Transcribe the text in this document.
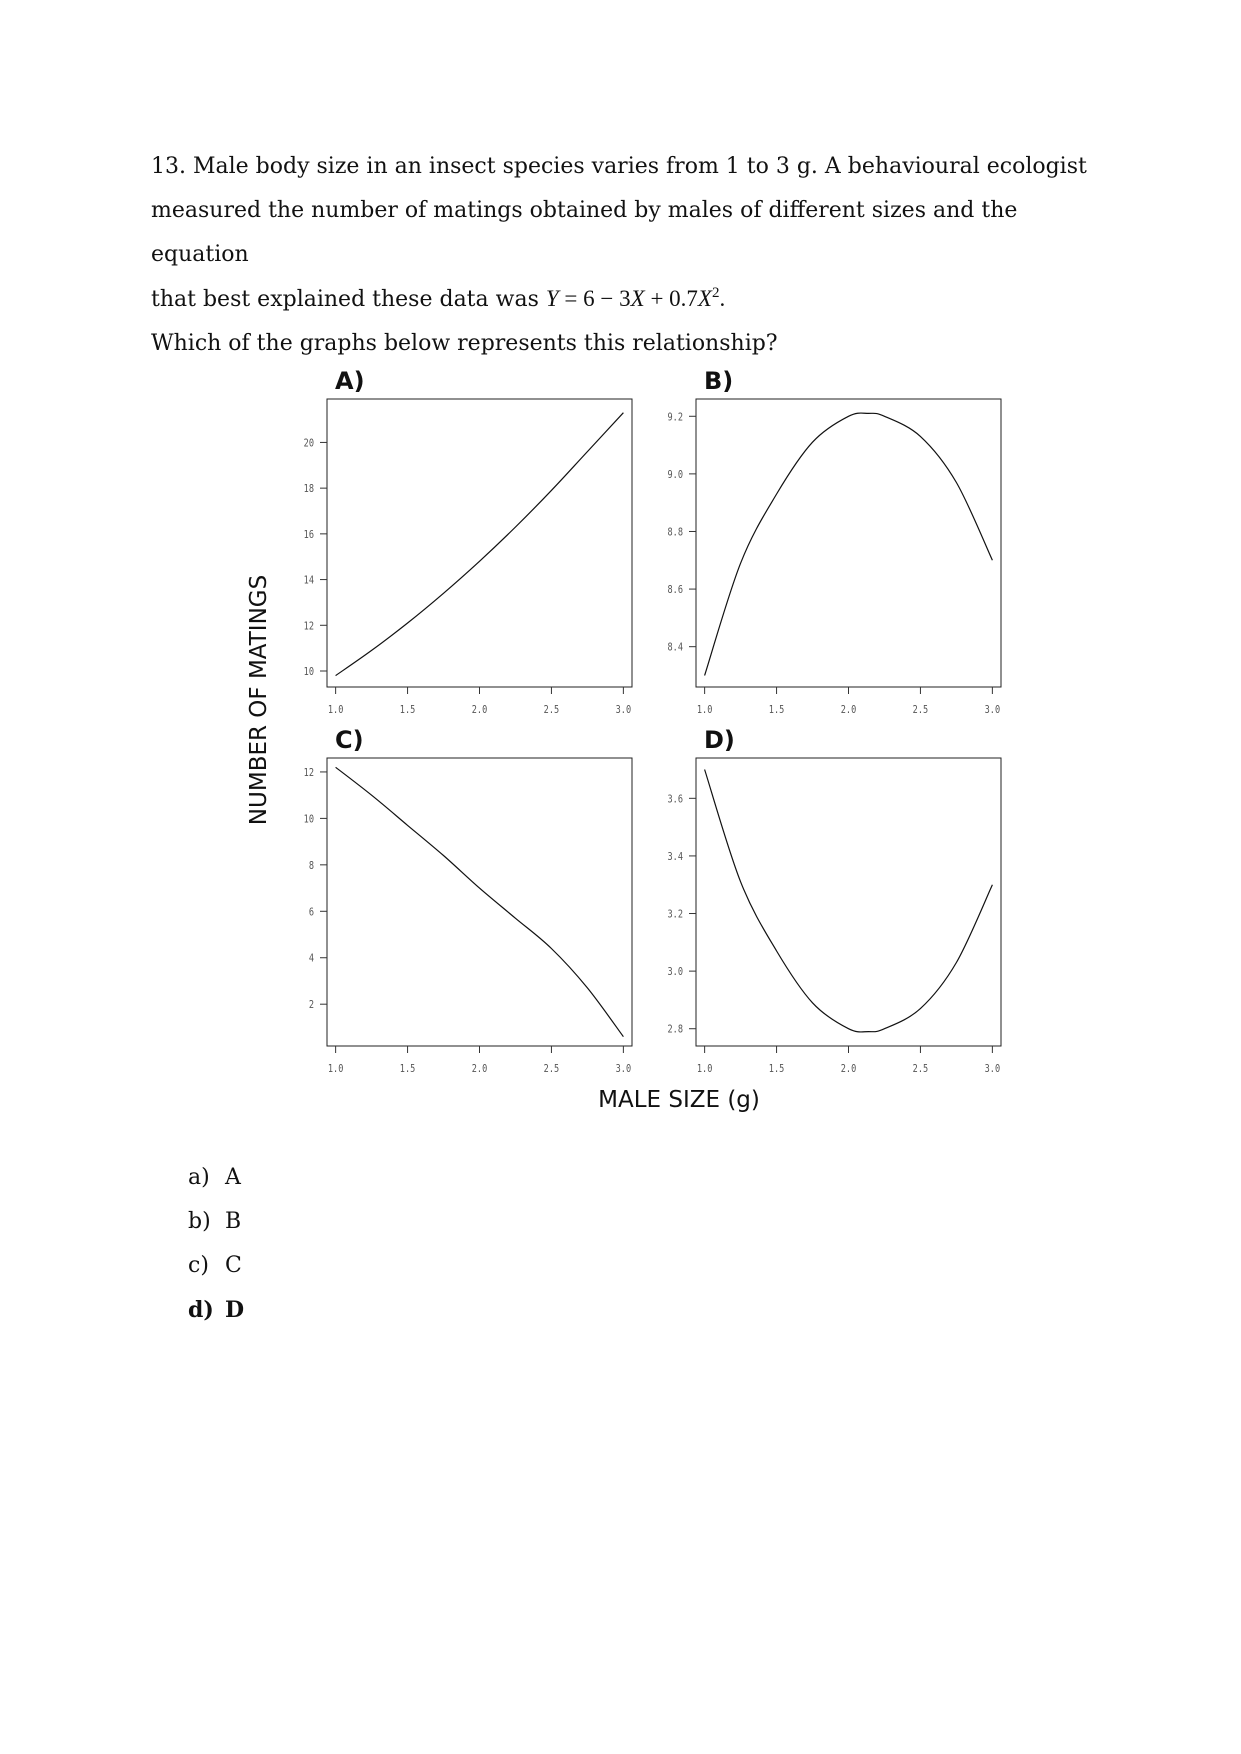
13. Male body size in an insect species varies from 1 to 3 g. A behavioural ecologist

measured the number of matings obtained by males of different sizes and the equation

that best explained these data was $Y = 6 - 3X + 0.7X^2$.

Which of the graphs below represents this relationship?

NUMBER OF MATINGS
MALE SIZE (g)
A)
10
12
14
16
18
20
1.0	1.5	2.0	2.5	3.0
B)
8.4
8.6
8.8
9.0
9.2
1.0	1.5	2.0	2.5	3.0
C)
2
4
6
8
10
12
1.0	1.5	2.0	2.5	3.0
D)
2.8
3.0
3.2
3.4
3.6
1.0	1.5	2.0	2.5	3.0
a) A
b) B
c) C
d) D
